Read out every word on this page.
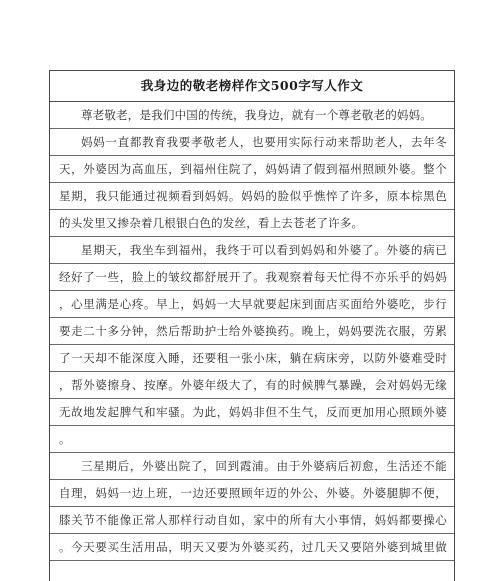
我身边的敬老榜样作文500字写人作文
尊老敬老，是我们中国的传统，我身边，就有一个尊老敬老的妈妈。
妈妈一直都教育我要孝敬老人，也要用实际行动来帮助老人，去年冬
天，外婆因为高血压，到福州住院了，妈妈请了假到福州照顾外婆。整个
星期，我只能通过视频看到妈妈。妈妈的脸似乎憔悴了许多，原本棕黑色
的头发里又掺杂着几根银白色的发丝，看上去苍老了许多。
星期天，我坐车到福州，我终于可以看到妈妈和外婆了。外婆的病已
经好了一些，脸上的皱纹都舒展开了。我观察着每天忙得不亦乐乎的妈妈
，心里满是心疼。早上，妈妈一大早就要起床到面店买面给外婆吃，步行
要走二十多分钟，然后帮助护士给外婆换药。晚上，妈妈要洗衣服，劳累
了一天却不能深度入睡，还要租一张小床，躺在病床旁，以防外婆难受时
，帮外婆擦身、按摩。外婆年级大了，有的时候脾气暴躁，会对妈妈无缘
无故地发起脾气和牢骚。为此，妈妈非但不生气，反而更加用心照顾外婆
。
三星期后，外婆出院了，回到霞浦。由于外婆病后初愈，生活还不能
自理，妈妈一边上班，一边还要照顾年迈的外公、外婆。外婆腿脚不便，
膝关节不能像正常人那样行动自如，家中的所有大小事情，妈妈都要操心
。今天要买生活用品，明天又要为外婆买药，过几天又要陪外婆到城里做
